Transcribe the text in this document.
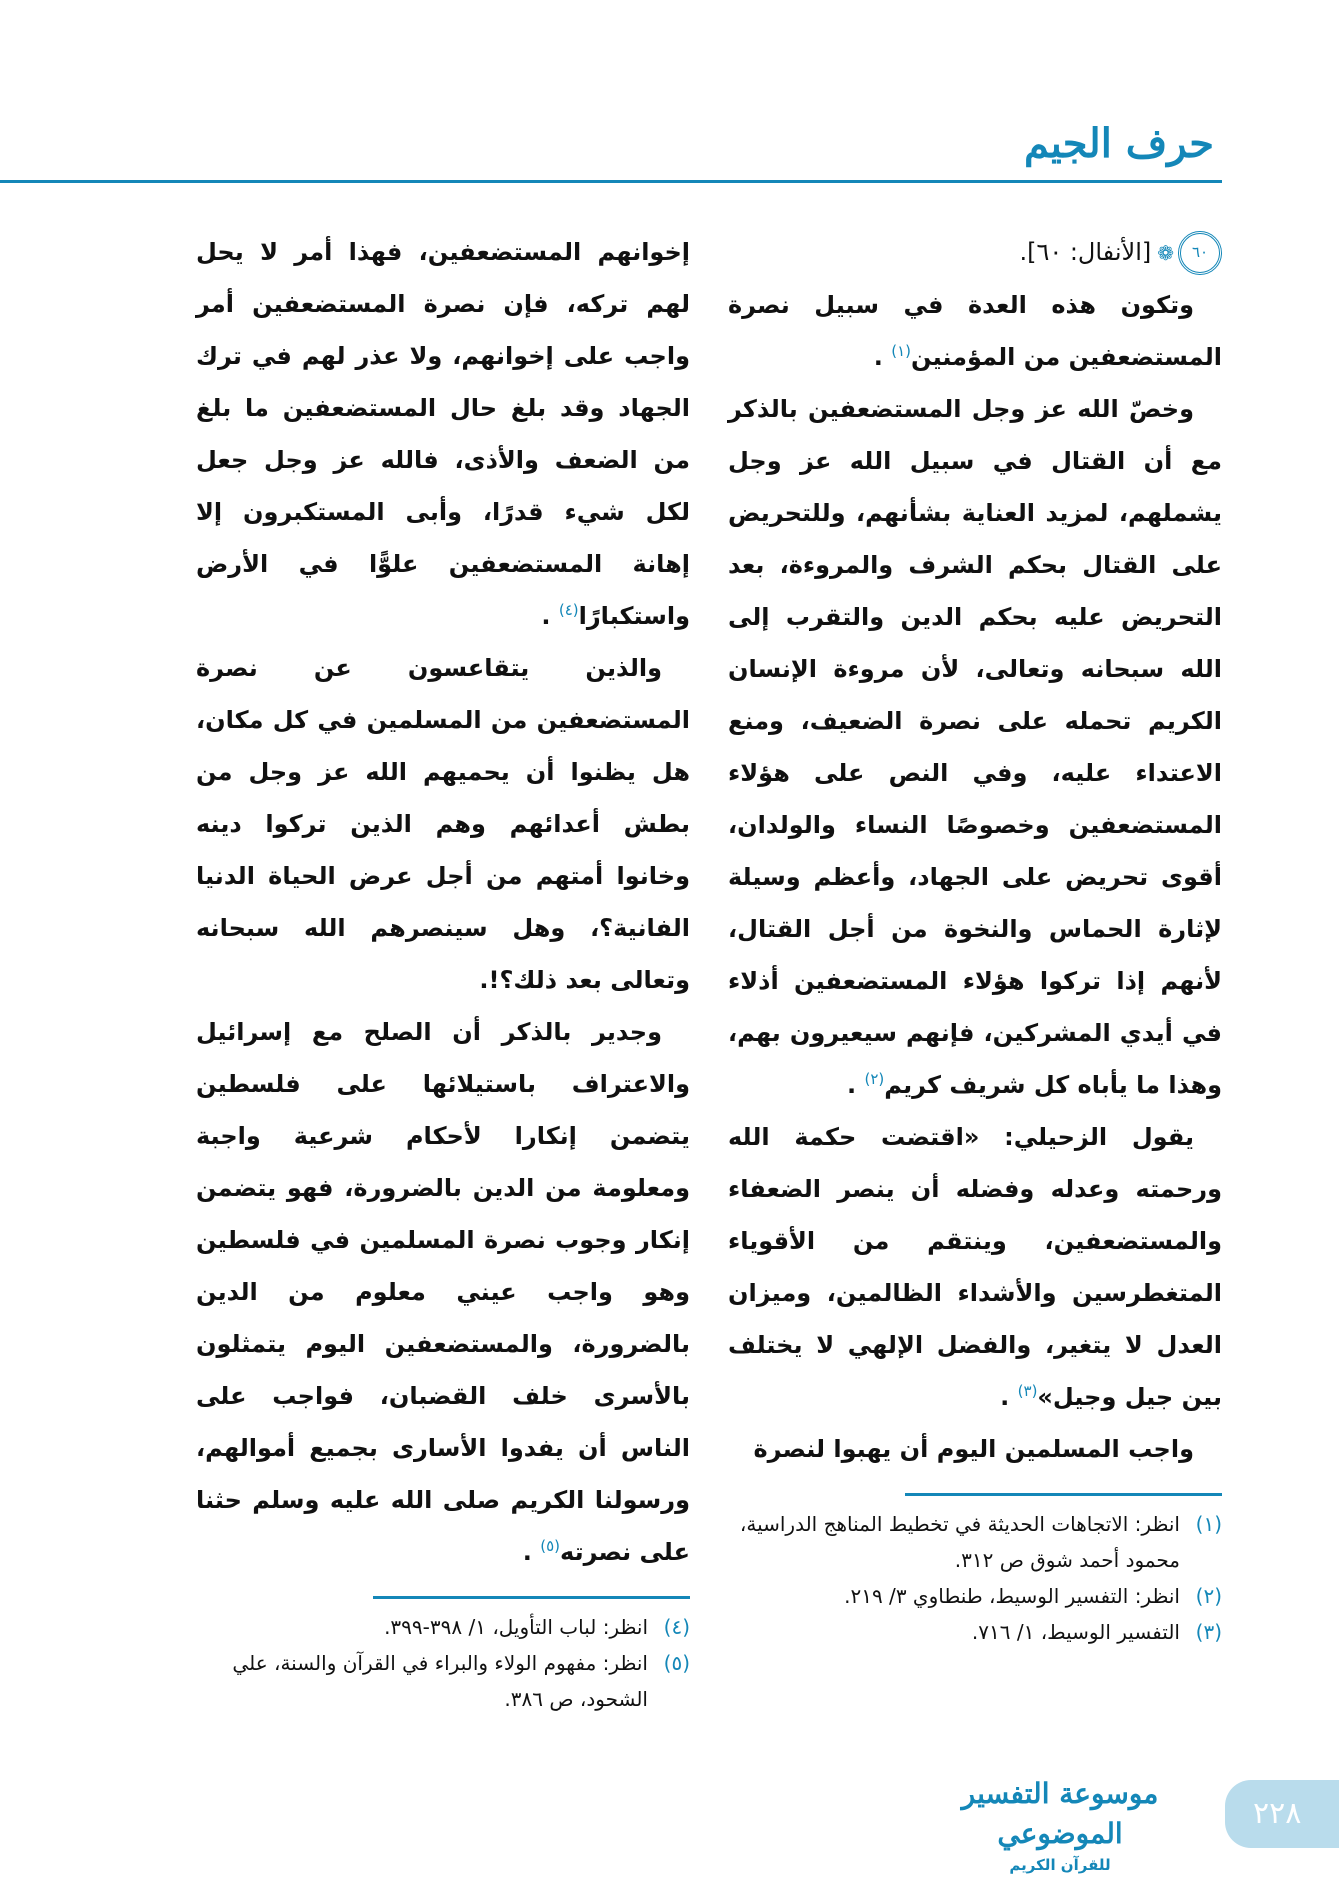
حرف الجيم

٦٠❁[الأنفال: ٦٠].

وتكون هذه العدة في سبيل نصرة المستضعفين من المؤمنين$^{(١)}$ .

وخصّ الله عز وجل المستضعفين بالذكر مع أن القتال في سبيل الله عز وجل يشملهم، لمزيد العناية بشأنهم، وللتحريض على القتال بحكم الشرف والمروءة، بعد التحريض عليه بحكم الدين والتقرب إلى الله سبحانه وتعالى، لأن مروءة الإنسان الكريم تحمله على نصرة الضعيف، ومنع الاعتداء عليه، وفي النص على هؤلاء المستضعفين وخصوصًا النساء والولدان، أقوى تحريض على الجهاد، وأعظم وسيلة لإثارة الحماس والنخوة من أجل القتال، لأنهم إذا تركوا هؤلاء المستضعفين أذلاء في أيدي المشركين، فإنهم سيعيرون بهم، وهذا ما يأباه كل شريف كريم$^{(٢)}$ .

يقول الزحيلي: «اقتضت حكمة الله ورحمته وعدله وفضله أن ينصر الضعفاء والمستضعفين، وينتقم من الأقوياء المتغطرسين والأشداء الظالمين، وميزان العدل لا يتغير، والفضل الإلهي لا يختلف بين جيل وجيل»$^{(٣)}$ .

واجب المسلمين اليوم أن يهبوا لنصرة

(١)
انظر: الاتجاهات الحديثة في تخطيط المناهج الدراسية، محمود أحمد شوق ص ٣١٢.
(٢)
انظر: التفسير الوسيط، طنطاوي ٣/ ٢١٩.
(٣)
التفسير الوسيط، ١/ ٧١٦.

إخوانهم المستضعفين، فهذا أمر لا يحل لهم تركه، فإن نصرة المستضعفين أمر واجب على إخوانهم، ولا عذر لهم في ترك الجهاد وقد بلغ حال المستضعفين ما بلغ من الضعف والأذى، فالله عز وجل جعل لكل شيء قدرًا، وأبى المستكبرون إلا إهانة المستضعفين علوًّا في الأرض واستكبارًا$^{(٤)}$ .

والذين يتقاعسون عن نصرة المستضعفين من المسلمين في كل مكان، هل يظنوا أن يحميهم الله عز وجل من بطش أعدائهم وهم الذين تركوا دينه وخانوا أمتهم من أجل عرض الحياة الدنيا الفانية؟، وهل سينصرهم الله سبحانه وتعالى بعد ذلك؟!.

وجدير بالذكر أن الصلح مع إسرائيل والاعتراف باستيلائها على فلسطين يتضمن إنكارا لأحكام شرعية واجبة ومعلومة من الدين بالضرورة، فهو يتضمن إنكار وجوب نصرة المسلمين في فلسطين وهو واجب عيني معلوم من الدين بالضرورة، والمستضعفين اليوم يتمثلون بالأسرى خلف القضبان، فواجب على الناس أن يفدوا الأسارى بجميع أموالهم، ورسولنا الكريم صلى الله عليه وسلم حثنا على نصرته$^{(٥)}$ .

(٤)
انظر: لباب التأويل، ١/ ٣٩٨-٣٩٩.
(٥)
انظر: مفهوم الولاء والبراء في القرآن والسنة، علي الشحود، ص ٣٨٦.
موسوعة التفسير الموضوعي
للقرآن الكريم
٢٢٨
